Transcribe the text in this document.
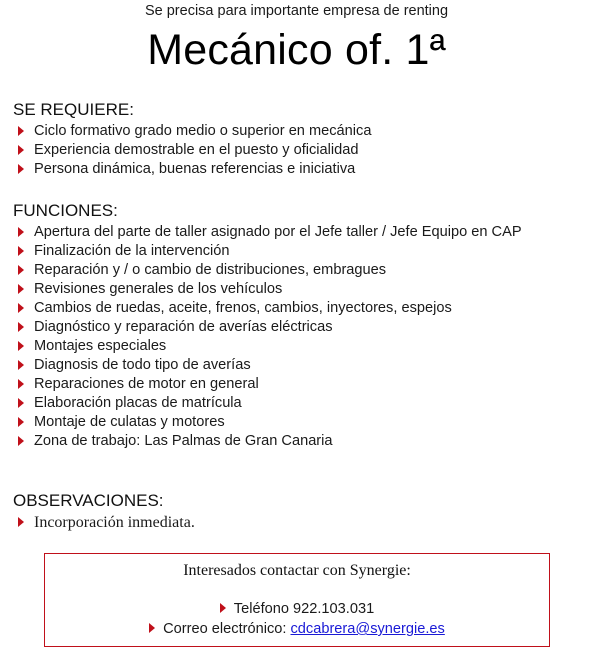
Se precisa para importante empresa de renting
Mecánico of. 1ª
SE REQUIERE:
Ciclo formativo grado medio o superior en mecánica
Experiencia demostrable en el puesto y oficialidad
Persona dinámica, buenas referencias e iniciativa
FUNCIONES:
Apertura del parte de taller asignado por el Jefe taller / Jefe Equipo en CAP
Finalización de la intervención
Reparación y / o cambio de distribuciones, embragues
Revisiones generales de los vehículos
Cambios de ruedas, aceite, frenos, cambios, inyectores, espejos
Diagnóstico y reparación de averías eléctricas
Montajes especiales
Diagnosis de todo tipo de averías
Reparaciones de motor en general
Elaboración placas de matrícula
Montaje de culatas y motores
Zona de trabajo: Las Palmas de Gran Canaria
OBSERVACIONES:
Incorporación inmediata.
Interesados contactar con Synergie:
Teléfono 922.103.031
Correo electrónico: cdcabrera@synergie.es
